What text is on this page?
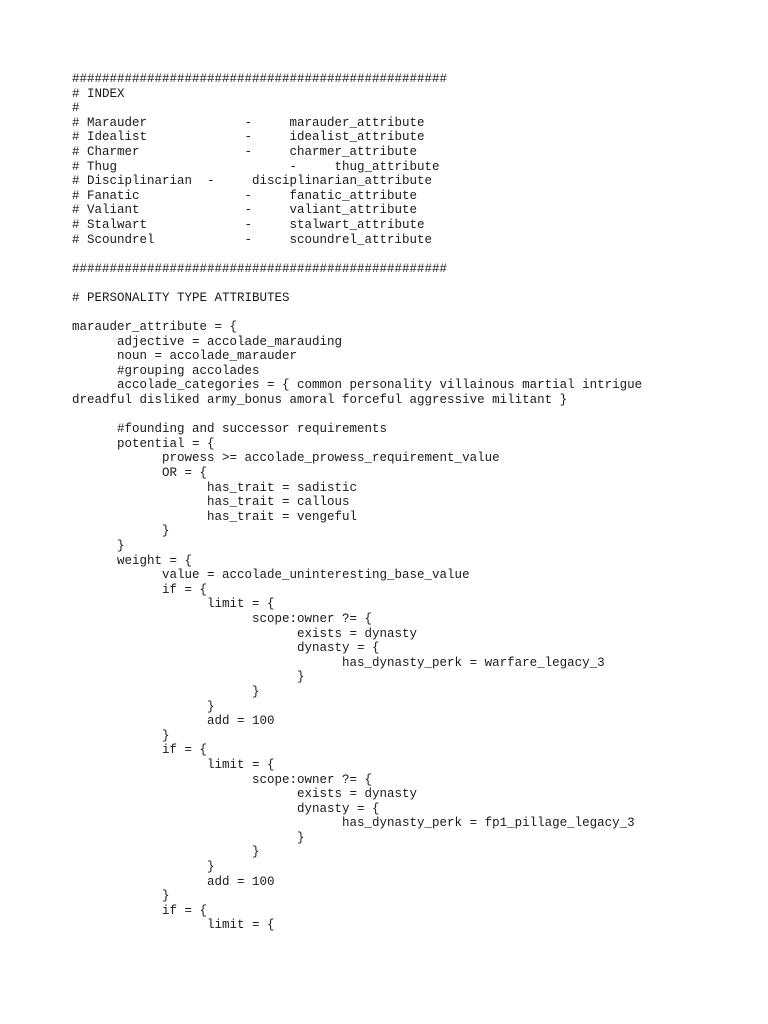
##################################################
# INDEX
#
# Marauder             -     marauder_attribute
# Idealist             -     idealist_attribute
# Charmer              -     charmer_attribute
# Thug                       -     thug_attribute
# Disciplinarian  -     disciplinarian_attribute
# Fanatic              -     fanatic_attribute
# Valiant              -     valiant_attribute
# Stalwart             -     stalwart_attribute
# Scoundrel            -     scoundrel_attribute
##################################################
# PERSONALITY TYPE ATTRIBUTES
marauder_attribute = {
adjective = accolade_marauding
noun = accolade_marauder
#grouping accolades
accolade_categories = { common personality villainous martial intrigue
dreadful disliked army_bonus amoral forceful aggressive militant }
#founding and successor requirements
potential = {
prowess >= accolade_prowess_requirement_value
OR = {
has_trait = sadistic
has_trait = callous
has_trait = vengeful
}
}
weight = {
value = accolade_uninteresting_base_value
if = {
limit = {
scope:owner ?= {
exists = dynasty
dynasty = {
has_dynasty_perk = warfare_legacy_3
}
}
}
add = 100
}
if = {
limit = {
scope:owner ?= {
exists = dynasty
dynasty = {
has_dynasty_perk = fp1_pillage_legacy_3
}
}
}
add = 100
}
if = {
limit = {
